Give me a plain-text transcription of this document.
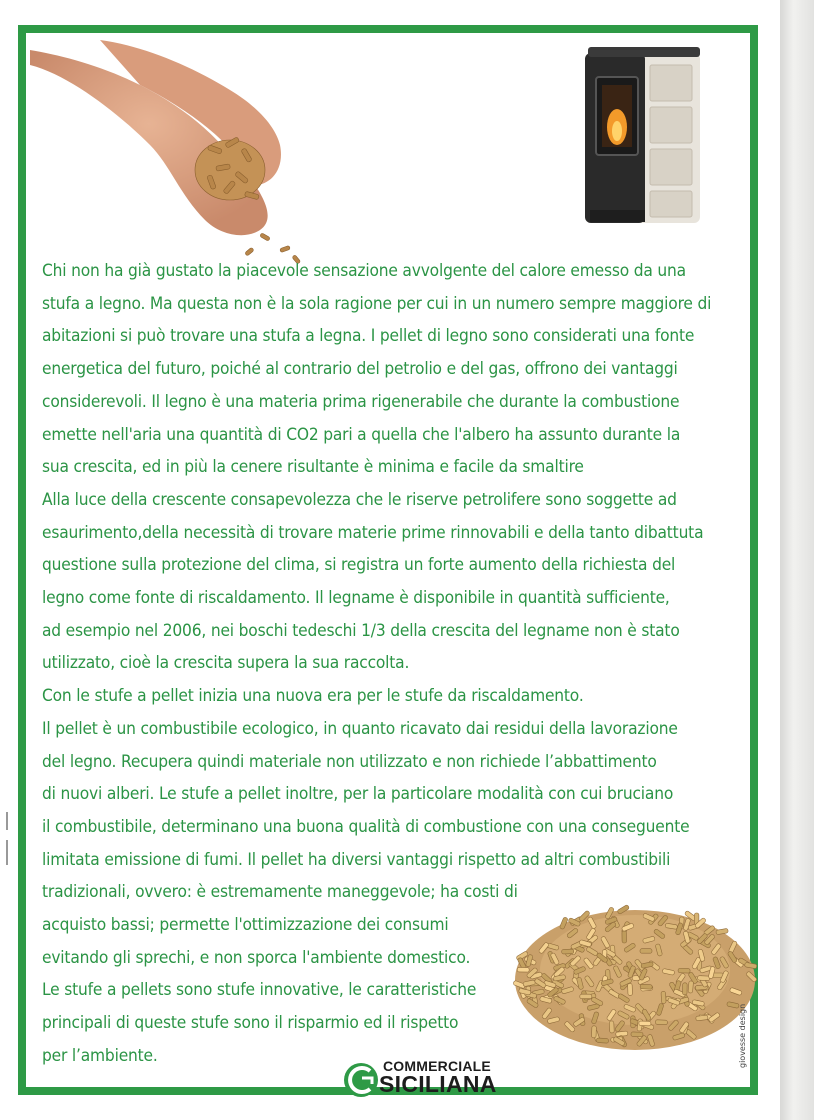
Chi non ha già gustato la piacevole sensazione avvolgente del calore emesso da una
stufa a legno. Ma questa non è la sola ragione per cui in un numero sempre maggiore di
abitazioni si può trovare una stufa a legna. I pellet di legno sono considerati una fonte
energetica del futuro, poiché al contrario del petrolio e del gas, offrono dei vantaggi
considerevoli. Il legno è una materia prima rigenerabile che durante la combustione
emette nell'aria una quantità di CO2 pari a quella che l'albero ha assunto durante la
sua crescita, ed in più la cenere risultante è minima e facile da smaltire
Alla luce della crescente consapevolezza che le riserve petrolifere sono soggette ad
esaurimento,della necessità di trovare materie prime rinnovabili e della tanto dibattuta
questione sulla protezione del clima, si registra un forte aumento della richiesta del
legno come fonte di riscaldamento. Il legname è disponibile in quantità sufficiente,
ad esempio nel 2006, nei boschi tedeschi 1/3 della crescita del legname non è stato
utilizzato, cioè la crescita supera la sua raccolta.
Con le stufe a pellet inizia una nuova era per le stufe da riscaldamento.
Il pellet è un combustibile ecologico, in quanto ricavato dai residui della lavorazione
del legno. Recupera quindi materiale non utilizzato e non richiede l’abbattimento
di nuovi alberi. Le stufe a pellet inoltre, per la particolare modalità con cui bruciano
il combustibile, determinano una buona qualità di combustione con una conseguente
limitata emissione di fumi. Il pellet ha diversi vantaggi rispetto ad altri combustibili
tradizionali, ovvero: è estremamente maneggevole; ha costi di
acquisto bassi; permette l'ottimizzazione dei consumi
evitando gli sprechi, e non sporca l'ambiente domestico.
Le stufe a pellets sono stufe innovative, le caratteristiche
principali di queste stufe sono il risparmio ed il rispetto
per l’ambiente.
COMMERCIALE
SICILIANA
giovesse design
